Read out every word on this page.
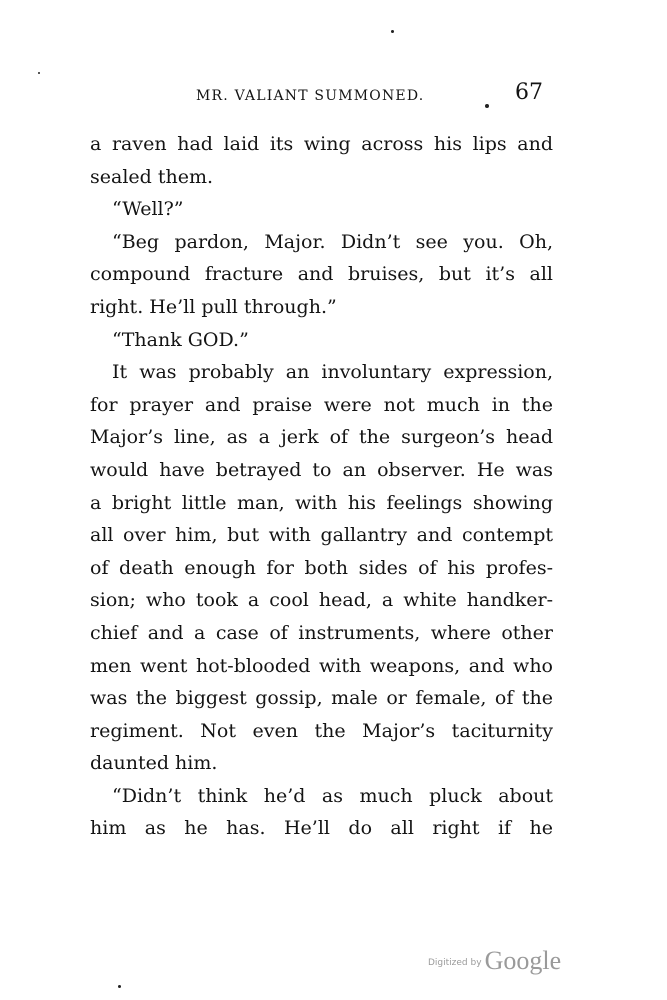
MR. VALIANT SUMMONED.	67
a raven had laid its wing across his lips and
sealed them.
“Well?”
“Beg pardon, Major. Didn’t see you. Oh,
compound fracture and bruises, but it’s all
right. He’ll pull through.”
“Thank GOD.”
It was probably an involuntary expression,
for prayer and praise were not much in the
Major’s line, as a jerk of the surgeon’s head
would have betrayed to an observer. He was
a bright little man, with his feelings showing
all over him, but with gallantry and contempt
of death enough for both sides of his profes-
sion; who took a cool head, a white handker-
chief and a case of instruments, where other
men went hot-blooded with weapons, and who
was the biggest gossip, male or female, of the
regiment. Not even the Major’s taciturnity
daunted him.
“Didn’t think he’d as much pluck about
him as he has. He’ll do all right if he
$^{Digitized by}$ Google
